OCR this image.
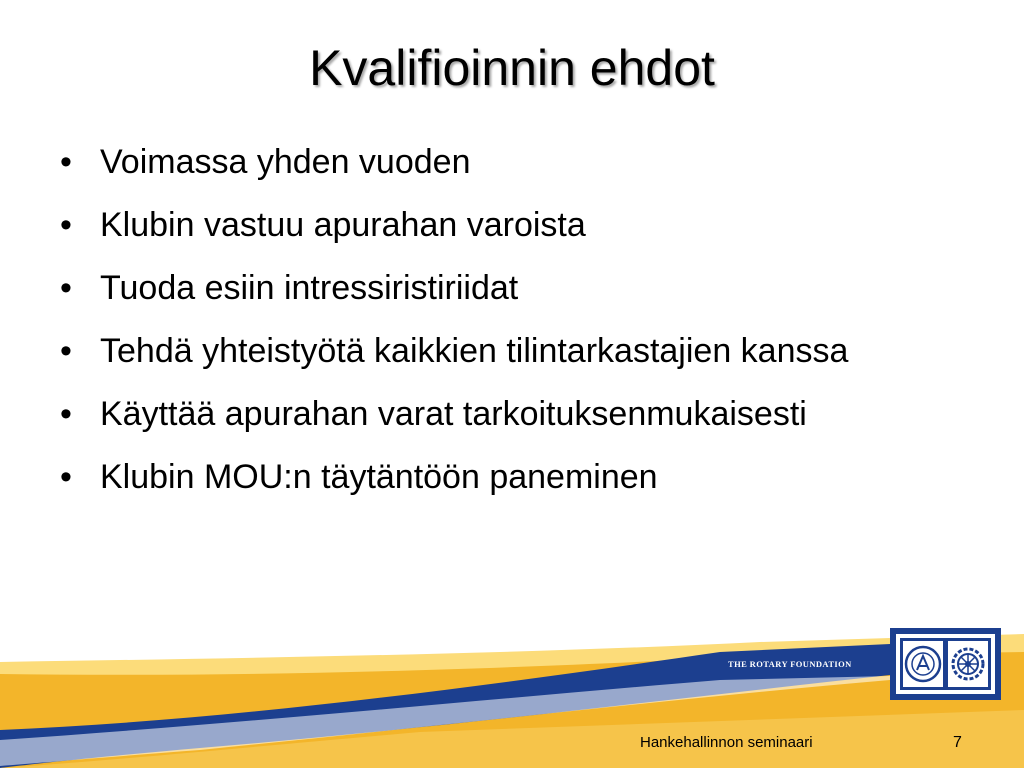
Kvalifioinnin ehdot
• Voimassa yhden vuoden
• Klubin vastuu apurahan varoista
• Tuoda esiin intressiristiriidat
• Tehdä yhteistyötä kaikkien tilintarkastajien kanssa
• Käyttää apurahan varat tarkoituksenmukaisesti
• Klubin MOU:n täytäntöön paneminen
THE ROTARY FOUNDATION
Hankehallinnon seminaari	7
